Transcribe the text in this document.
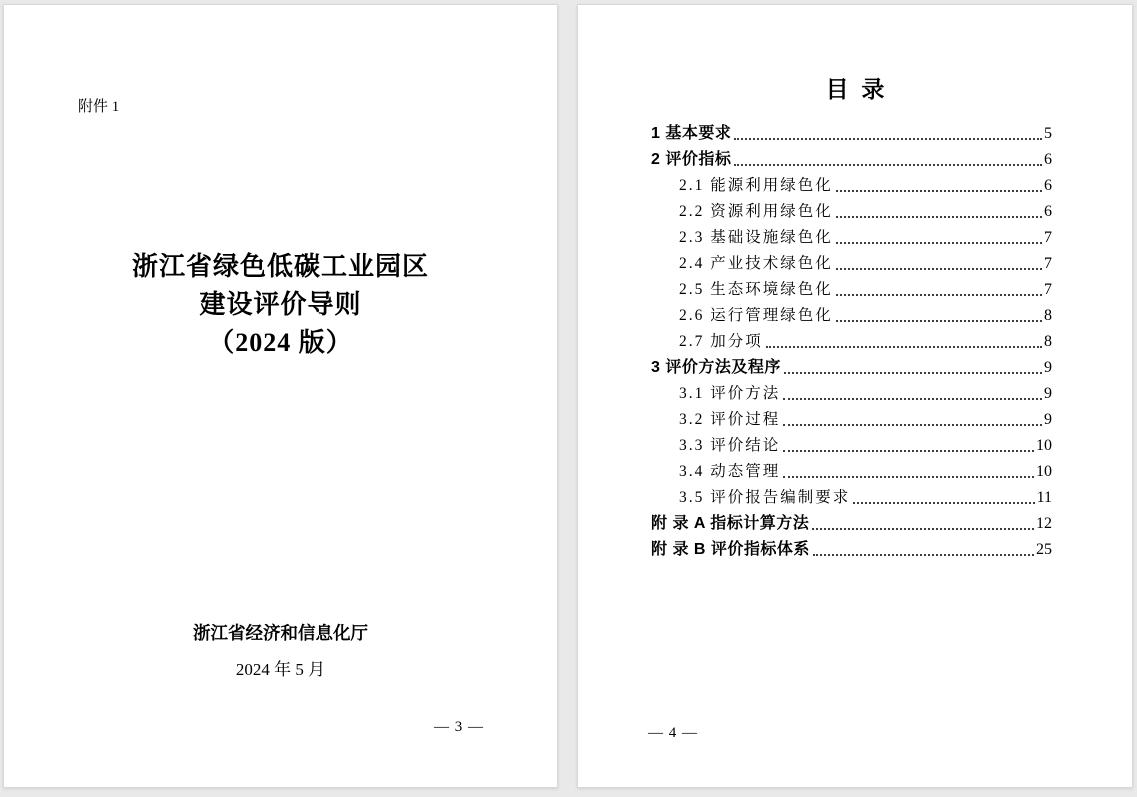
附件 1
浙江省绿色低碳工业园区
建设评价导则
（2024 版）
浙江省经济和信息化厅
2024 年 5 月
— 3 —
目  录
1 基本要求	5
2 评价指标	6
2.1 能源利用绿色化	6
2.2 资源利用绿色化	6
2.3 基础设施绿色化	7
2.4 产业技术绿色化	7
2.5 生态环境绿色化	7
2.6 运行管理绿色化	8
2.7 加分项	8
3 评价方法及程序	9
3.1 评价方法	9
3.2 评价过程	9
3.3 评价结论	10
3.4 动态管理	10
3.5 评价报告编制要求	11
附 录 A 指标计算方法	12
附 录 B 评价指标体系	25
— 4 —
